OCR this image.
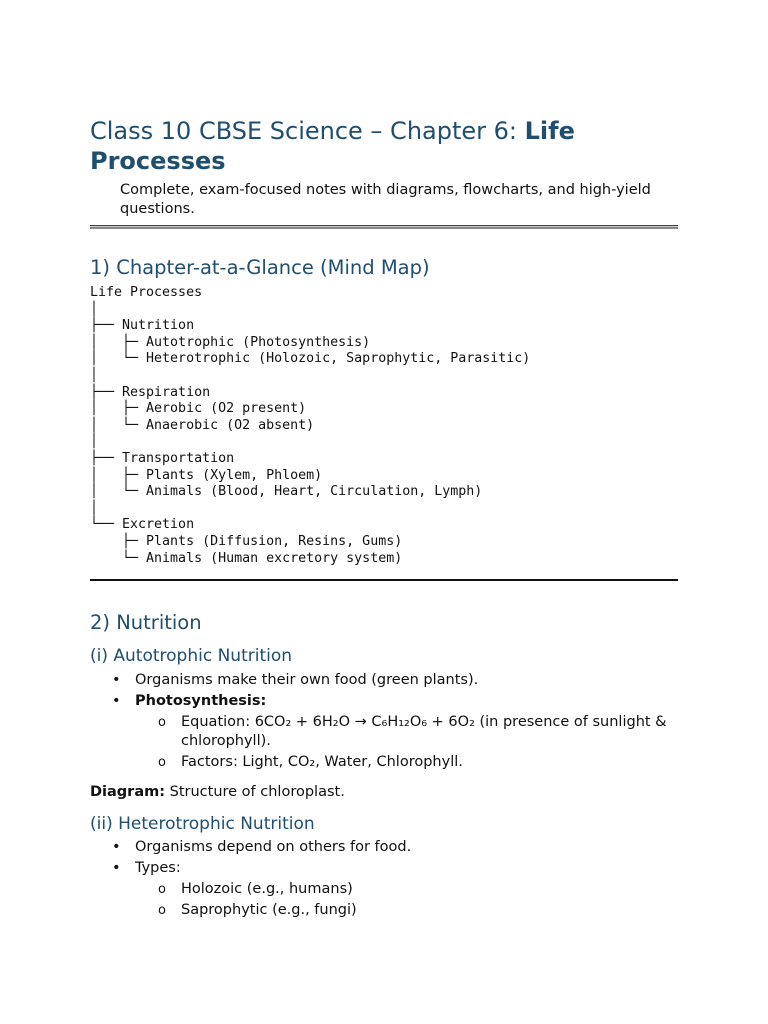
Class 10 CBSE Science – Chapter 6: Life Processes

Complete, exam-focused notes with diagrams, flowcharts, and high-yield questions.

1) Chapter-at-a-Glance (Mind Map)
Life Processes
│
├── Nutrition
│   ├─ Autotrophic (Photosynthesis)
│   └─ Heterotrophic (Holozoic, Saprophytic, Parasitic)
│
├── Respiration
│   ├─ Aerobic (O2 present)
│   └─ Anaerobic (O2 absent)
│
├── Transportation
│   ├─ Plants (Xylem, Phloem)
│   └─ Animals (Blood, Heart, Circulation, Lymph)
│
└── Excretion
├─ Plants (Diffusion, Resins, Gums)
└─ Animals (Human excretory system)
2) Nutrition
(i) Autotrophic Nutrition
• Organisms make their own food (green plants).
• Photosynthesis:
o Equation: 6CO₂ + 6H₂O → C₆H₁₂O₆ + 6O₂ (in presence of sunlight & chlorophyll).
o Factors: Light, CO₂, Water, Chlorophyll.

Diagram: Structure of chloroplast.

(ii) Heterotrophic Nutrition
• Organisms depend on others for food.
• Types:
o Holozoic (e.g., humans)
o Saprophytic (e.g., fungi)
